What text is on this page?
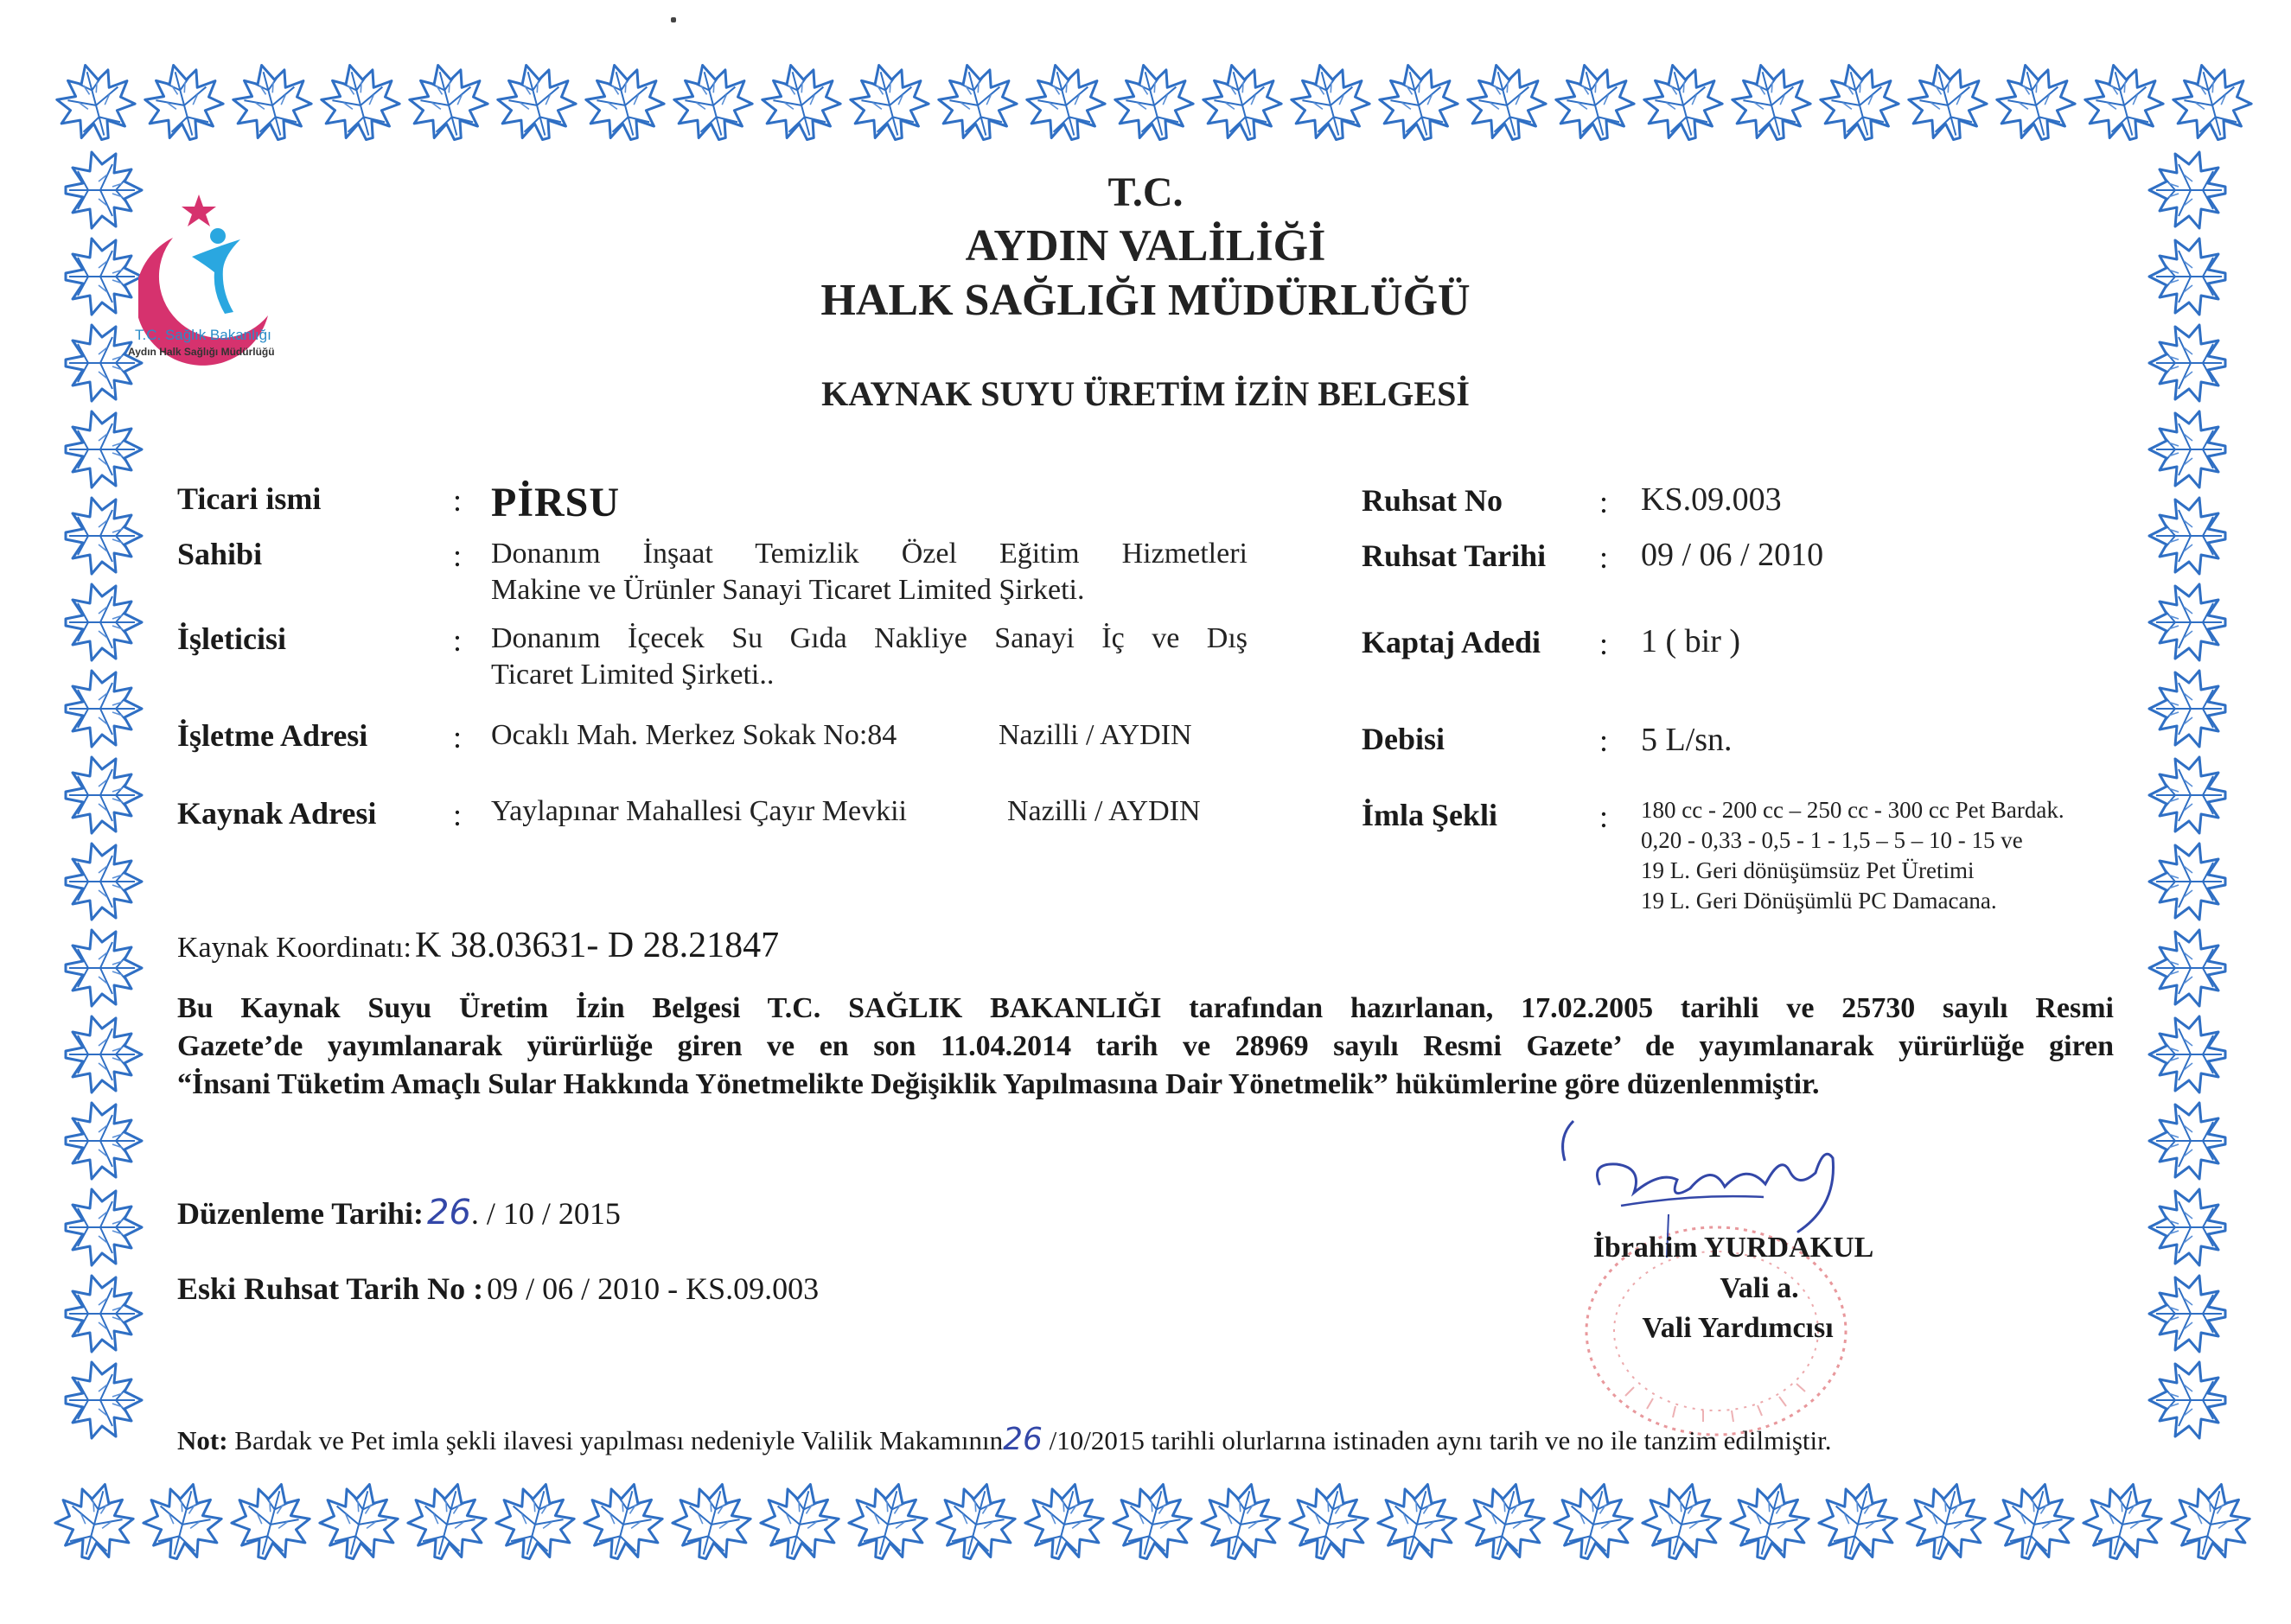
T.C. Sağlık Bakanlığı
Aydın Halk Sağlığı Müdürlüğü
T.C.
AYDIN VALİLİĞİ
HALK SAĞLIĞI MÜDÜRLÜĞÜ
KAYNAK SUYU ÜRETİM İZİN BELGESİ
Ticari ismi	: PİRSU
Sahibi	: Donanım İnşaat Temizlik Özel Eğitim Hizmetleri
Makine ve Ürünler Sanayi Ticaret Limited Şirketi.
İşleticisi	: Donanım İçecek Su Gıda Nakliye Sanayi İç ve Dış
Ticaret Limited Şirketi..
İşletme Adresi	: Ocaklı Mah. Merkez Sokak No:84	Nazilli / AYDIN
Kaynak Adresi : Yaylapınar Mahallesi Çayır Mevkii	Nazilli / AYDIN
Ruhsat No	: KS.09.003
Ruhsat Tarihi : 09 / 06 / 2010
Kaptaj Adedi : 1 ( bir )
Debisi	: 5 L/sn.
İmla Şekli	: 180 cc - 200 cc – 250 cc - 300 cc Pet Bardak.
0,20 - 0,33 - 0,5 - 1 - 1,5 – 5 – 10 - 15 ve
19 L. Geri dönüşümsüz Pet Üretimi
19 L. Geri Dönüşümlü PC Damacana.
Kaynak Koordinatı: K 38.03631- D 28.21847
Bu Kaynak Suyu Üretim İzin Belgesi T.C. SAĞLIK BAKANLIĞI tarafından hazırlanan, 17.02.2005 tarihli ve 25730 sayılı Resmi
Gazete’de yayımlanarak yürürlüğe giren ve en son 11.04.2014 tarih ve 28969 sayılı Resmi Gazete’ de yayımlanarak yürürlüğe giren
“İnsani Tüketim Amaçlı Sular Hakkında Yönetmelikte Değişiklik Yapılmasına Dair Yönetmelik” hükümlerine göre düzenlenmiştir.
Düzenleme Tarihi: 26. / 10 / 2015
Eski Ruhsat Tarih No : 09 / 06 / 2010 - KS.09.003
İbrahim YURDAKUL
Vali a.
Vali Yardımcısı
Not: Bardak ve Pet imla şekli ilavesi yapılması nedeniyle Valilik Makamının26 /10/2015 tarihli olurlarına istinaden aynı tarih ve no ile tanzim edilmiştir.
